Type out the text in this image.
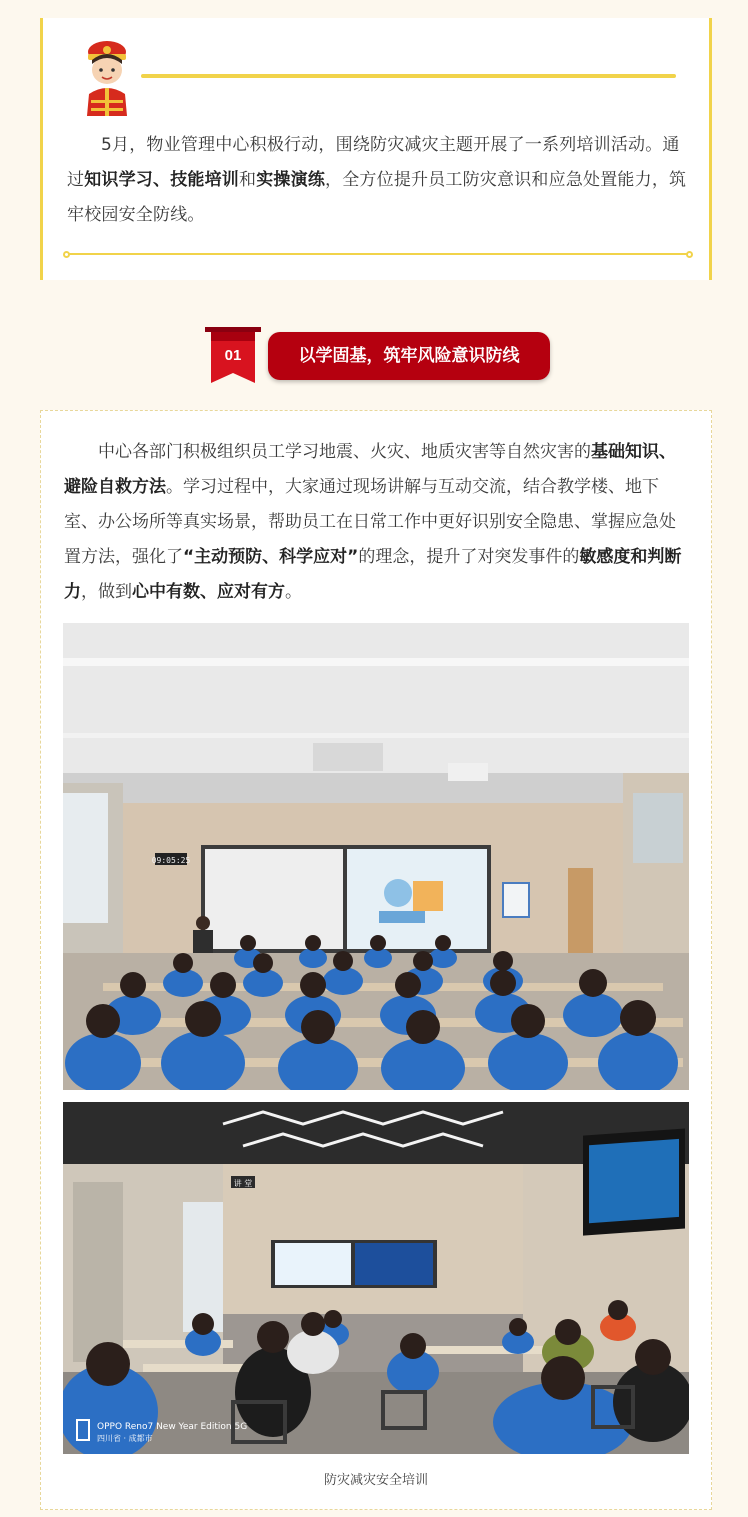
5月，物业管理中心积极行动，围绕防灾减灾主题开展了一系列培训活动。通过知识学习、技能培训和实操演练，全方位提升员工防灾意识和应急处置能力，筑牢校园安全防线。

01	以学固基，筑牢风险意识防线

中心各部门积极组织员工学习地震、火灾、地质灾害等自然灾害的基础知识、避险自救方法。学习过程中，大家通过现场讲解与互动交流，结合教学楼、地下室、办公场所等真实场景，帮助员工在日常工作中更好识别安全隐患、掌握应急处置方法，强化了“主动预防、科学应对”的理念，提升了对突发事件的敏感度和判断力，做到心中有数、应对有方。

09:05:25
讲 堂
OPPO Reno7 New Year Edition 5G
四川省 · 成都市
防灾减灾安全培训
